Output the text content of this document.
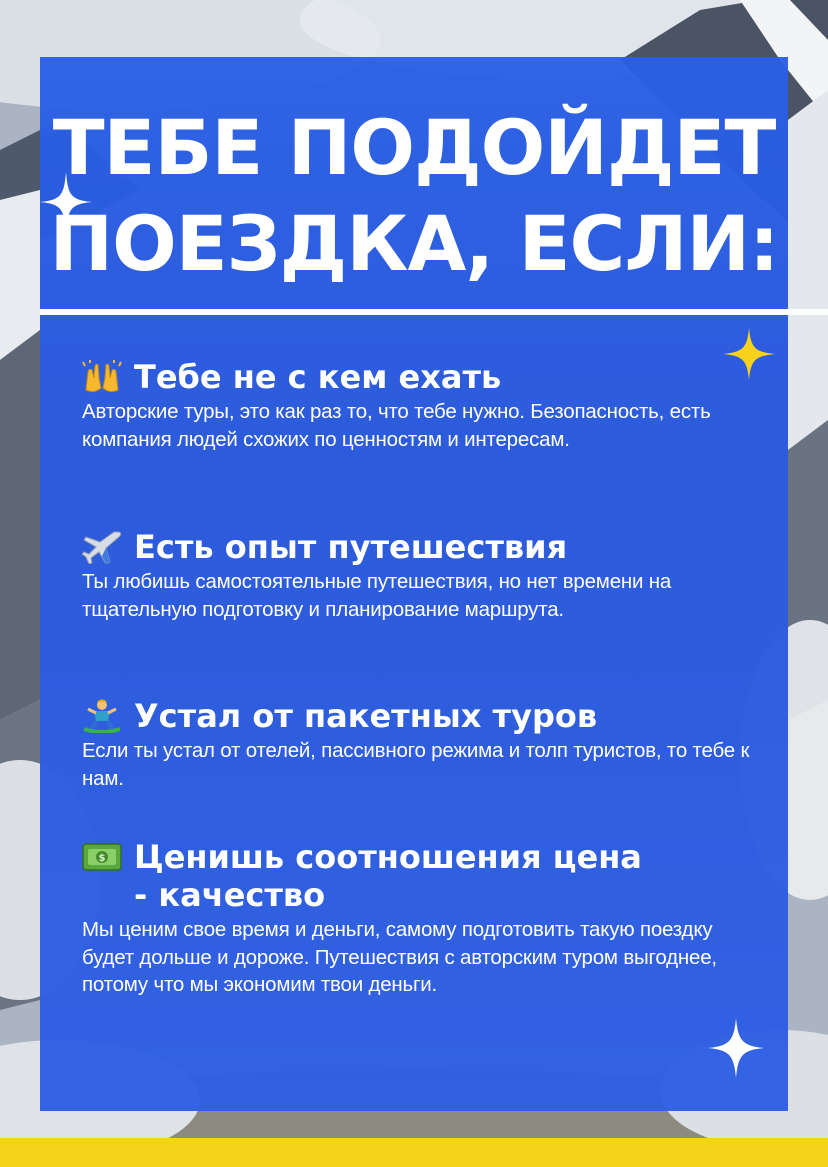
ТЕБЕ ПОДОЙДЕТ
ПОЕЗДКА, ЕСЛИ:
Тебе не с кем ехать

Авторские туры, это как раз то, что тебе нужно. Безопасность, есть компания людей схожих по ценностям и интересам.

Есть опыт путешествия

Ты любишь самостоятельные путешествия, но нет времени на тщательную подготовку и планирование маршрута.

Устал от пакетных туров

Если ты устал от отелей, пассивного режима и толп туристов, то тебе к нам.

$ Ценишь соотношения цена - качество

Мы ценим свое время и деньги, самому подготовить такую поездку будет дольше и дороже. Путешествия с авторским туром выгоднее, потому что мы экономим твои деньги.
